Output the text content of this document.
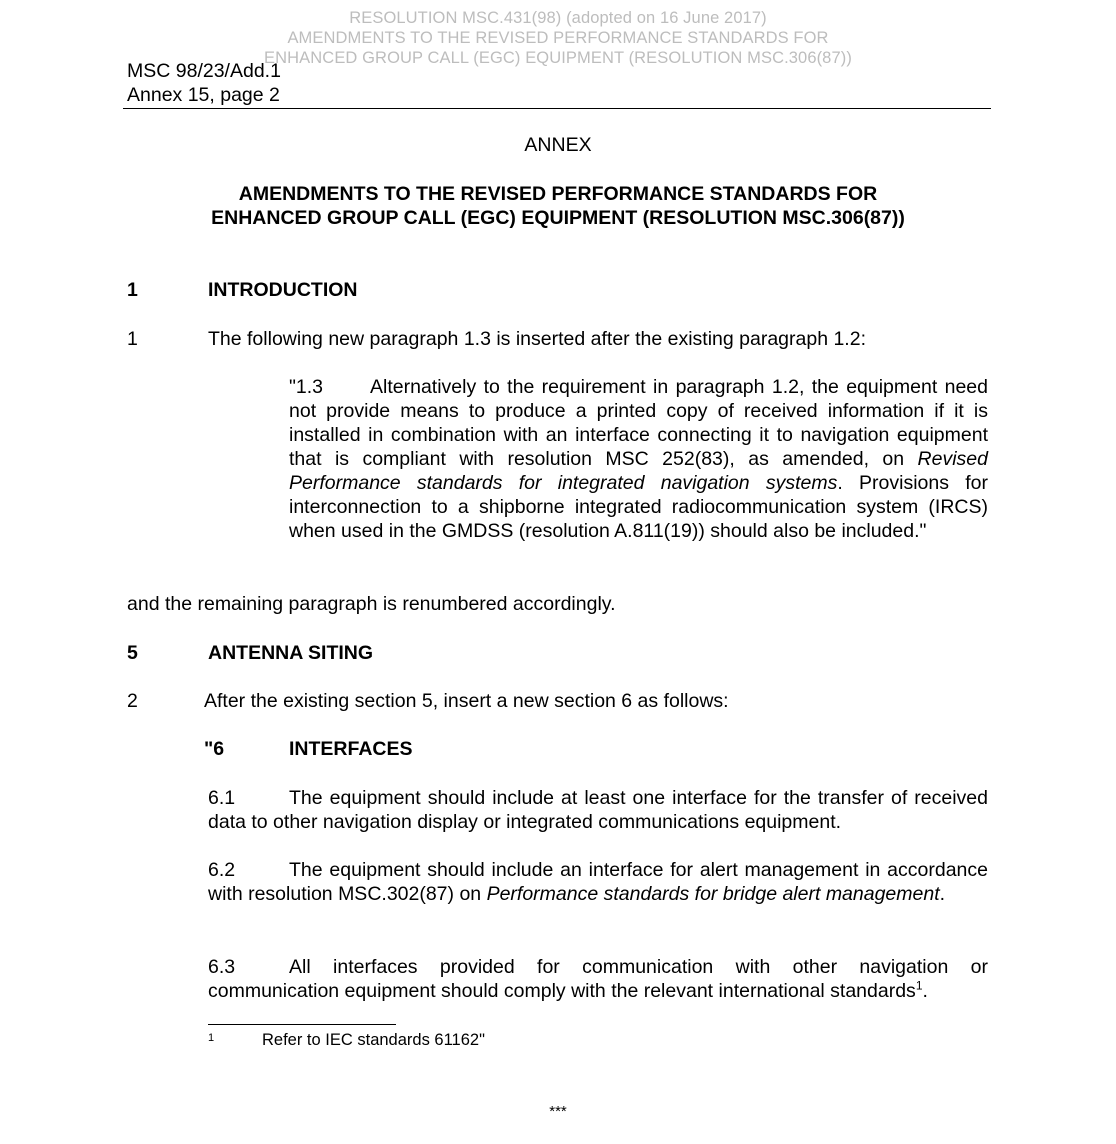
RESOLUTION MSC.431(98) (adopted on 16 June 2017)
AMENDMENTS TO THE REVISED PERFORMANCE STANDARDS FOR
ENHANCED GROUP CALL (EGC) EQUIPMENT (RESOLUTION MSC.306(87))
MSC 98/23/Add.1
Annex 15, page 2
ANNEX
AMENDMENTS TO THE REVISED PERFORMANCE STANDARDS FOR
ENHANCED GROUP CALL (EGC) EQUIPMENT (RESOLUTION MSC.306(87))
1	INTRODUCTION
1	The following new paragraph 1.3 is inserted after the existing paragraph 1.2:
"1.3 Alternatively to the requirement in paragraph 1.2, the equipment need not provide means to produce a printed copy of received information if it is installed in combination with an interface connecting it to navigation equipment that is compliant with resolution MSC 252(83), as amended, on Revised Performance standards for integrated navigation systems. Provisions for interconnection to a shipborne integrated radiocommunication system (IRCS) when used in the GMDSS (resolution A.811(19)) should also be included."
and the remaining paragraph is renumbered accordingly.
5	ANTENNA SITING
2	After the existing section 5, insert a new section 6 as follows:
"6	INTERFACES
6.1	The equipment should include at least one interface for the transfer of received data to other navigation display or integrated communications equipment.
6.2	The equipment should include an interface for alert management in accordance with resolution MSC.302(87) on Performance standards for bridge alert management.
6.3	All interfaces provided for communication with other navigation or communication equipment should comply with the relevant international standards$^1$.
1	Refer to IEC standards 61162"
***
